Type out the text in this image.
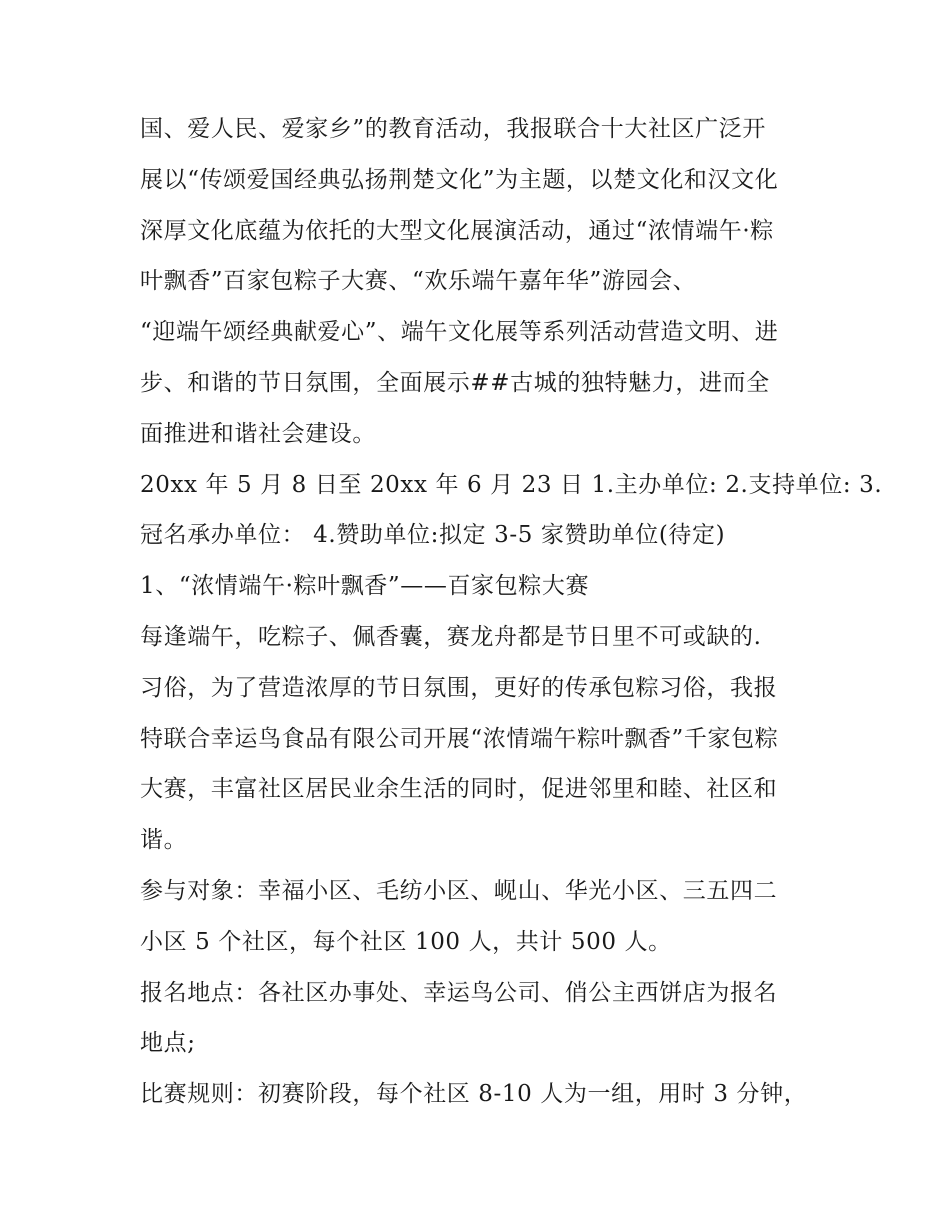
国、爱人民、爱家乡”的教育活动，我报联合十大社区广泛开
展以“传颂爱国经典弘扬荆楚文化”为主题，以楚文化和汉文化
深厚文化底蕴为依托的大型文化展演活动，通过“浓情端午·粽
叶飘香”百家包粽子大赛、“欢乐端午嘉年华”游园会、
“迎端午颂经典献爱心”、端午文化展等系列活动营造文明、进
步、和谐的节日氛围，全面展示##古城的独特魅力，进而全
面推进和谐社会建设。
20xx 年 5 月 8 日至 20xx 年 6 月 23 日 1.主办单位: 2.支持单位: 3.
冠名承办单位： 4.赞助单位:拟定 3-5 家赞助单位(待定)
1、“浓情端午·粽叶飘香”——百家包粽大赛
每逢端午，吃粽子、佩香囊，赛龙舟都是节日里不可或缺的.
习俗，为了营造浓厚的节日氛围，更好的传承包粽习俗，我报
特联合幸运鸟食品有限公司开展“浓情端午粽叶飘香”千家包粽
大赛，丰富社区居民业余生活的同时，促进邻里和睦、社区和
谐。
参与对象：幸福小区、毛纺小区、岘山、华光小区、三五四二
小区 5 个社区，每个社区 100 人，共计 500 人。
报名地点：各社区办事处、幸运鸟公司、俏公主西饼店为报名
地点;
比赛规则：初赛阶段，每个社区 8-10 人为一组，用时 3 分钟，
